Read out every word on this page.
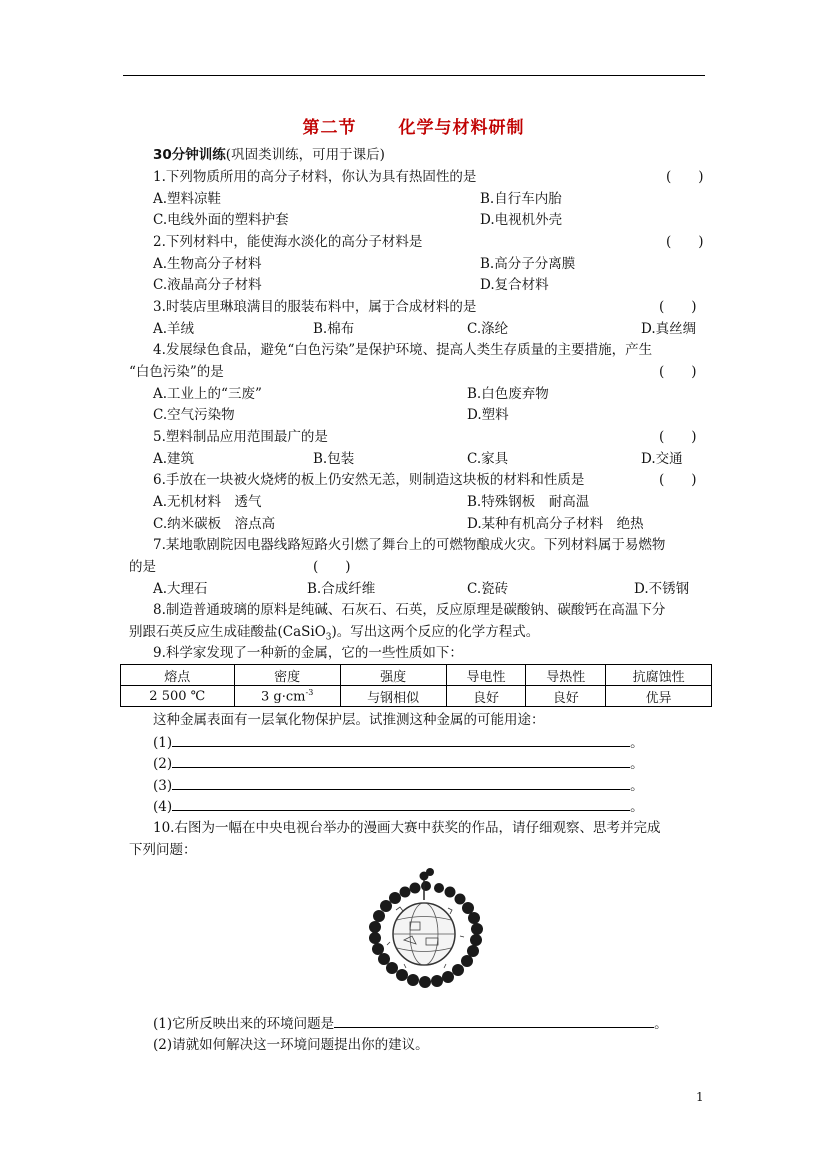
第二节 化学与材料研制
30分钟训练(巩固类训练，可用于课后)
1.下列物质所用的高分子材料，你认为具有热固性的是	(　　)
A.塑料凉鞋	B.自行车内胎
C.电线外面的塑料护套	D.电视机外壳
2.下列材料中，能使海水淡化的高分子材料是	(　　)
A.生物高分子材料	B.高分子分离膜
C.液晶高分子材料	D.复合材料
3.时装店里琳琅满目的服装布料中，属于合成材料的是	(　　)
A.羊绒	B.棉布	C.涤纶	D.真丝绸
4.发展绿色食品，避免“白色污染”是保护环境、提高人类生存质量的主要措施，产生
“白色污染”的是	(　　)
A.工业上的“三废”	B.白色废弃物
C.空气污染物	D.塑料
5.塑料制品应用范围最广的是	(　　)
A.建筑	B.包装	C.家具	D.交通
6.手放在一块被火烧烤的板上仍安然无恙，则制造这块板的材料和性质是	(　　)
A.无机材料　透气	B.特殊钢板　耐高温
C.纳米碳板　溶点高	D.某种有机高分子材料　绝热
7.某地歌剧院因电器线路短路火引燃了舞台上的可燃物酿成火灾。下列材料属于易燃物
的是	(　　)
A.大理石	B.合成纤维	C.瓷砖	D.不锈钢
8.制造普通玻璃的原料是纯碱、石灰石、石英，反应原理是碳酸钠、碳酸钙在高温下分
别跟石英反应生成硅酸盐(CaSiO$_3$)。写出这两个反应的化学方程式。
9.科学家发现了一种新的金属，它的一些性质如下：
熔点	密度	强度	导电性	导热性	抗腐蚀性
2 500 ℃	3 $g\cdot cm^{-3}$	与钢相似	良好	良好	优异
这种金属表面有一层氧化物保护层。试推测这种金属的可能用途：
(1)	。
(2)	。
(3)	。
(4)	。
10.右图为一幅在中央电视台举办的漫画大赛中获奖的作品，请仔细观察、思考并完成
下列问题：
(1)它所反映出来的环境问题是	。
(2)请就如何解决这一环境问题提出你的建议。
1
